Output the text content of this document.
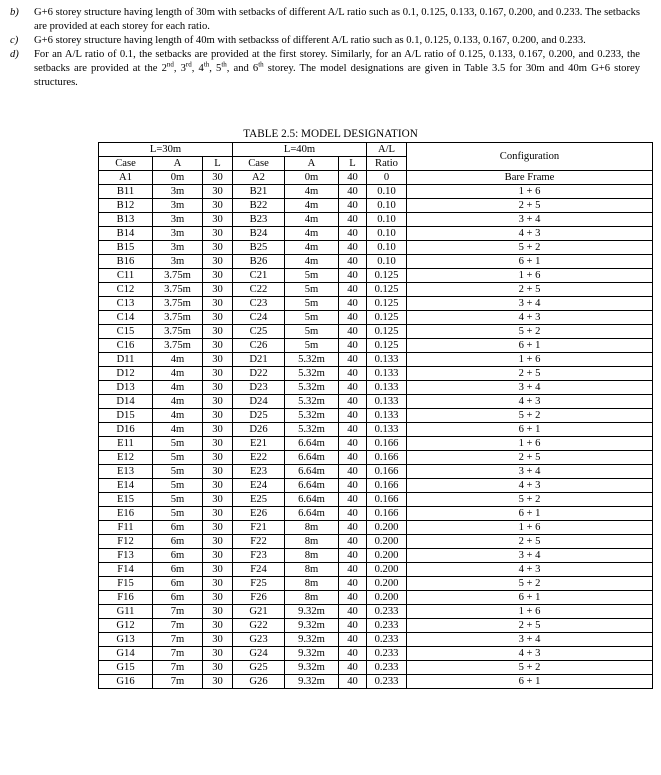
b) G+6 storey structure having length of 30m with setbacks of different A/L ratio such as 0.1, 0.125, 0.133, 0.167, 0.200, and 0.233. The setbacks are provided at each storey for each ratio.

c) G+6 storey structure having length of 40m with setbackss of different A/L ratio such as 0.1, 0.125, 0.133, 0.167, 0.200, and 0.233.

d) For an A/L ratio of 0.1, the setbacks are provided at the first storey. Similarly, for an A/L ratio of 0.125, 0.133, 0.167, 0.200, and 0.233, the setbacks are provided at the 2nd, 3rd, 4th, 5th, and 6th storey. The model designations are given in Table 3.5 for 30m and 40m G+6 storey structures.

TABLE 2.5: MODEL DESIGNATION
L=30m			L=40m			A/L	Configuration
Case	A	L	Case	A	L	Ratio	
A1	0m	30	A2	0m	40	0	Bare Frame
B11	3m	30	B21	4m	40	0.10	1 + 6
B12	3m	30	B22	4m	40	0.10	2 + 5
B13	3m	30	B23	4m	40	0.10	3 + 4
B14	3m	30	B24	4m	40	0.10	4 + 3
B15	3m	30	B25	4m	40	0.10	5 + 2
B16	3m	30	B26	4m	40	0.10	6 + 1
C11	3.75m	30	C21	5m	40	0.125	1 + 6
C12	3.75m	30	C22	5m	40	0.125	2 + 5
C13	3.75m	30	C23	5m	40	0.125	3 + 4
C14	3.75m	30	C24	5m	40	0.125	4 + 3
C15	3.75m	30	C25	5m	40	0.125	5 + 2
C16	3.75m	30	C26	5m	40	0.125	6 + 1
D11	4m	30	D21	5.32m	40	0.133	1 + 6
D12	4m	30	D22	5.32m	40	0.133	2 + 5
D13	4m	30	D23	5.32m	40	0.133	3 + 4
D14	4m	30	D24	5.32m	40	0.133	4 + 3
D15	4m	30	D25	5.32m	40	0.133	5 + 2
D16	4m	30	D26	5.32m	40	0.133	6 + 1
E11	5m	30	E21	6.64m	40	0.166	1 + 6
E12	5m	30	E22	6.64m	40	0.166	2 + 5
E13	5m	30	E23	6.64m	40	0.166	3 + 4
E14	5m	30	E24	6.64m	40	0.166	4 + 3
E15	5m	30	E25	6.64m	40	0.166	5 + 2
E16	5m	30	E26	6.64m	40	0.166	6 + 1
F11	6m	30	F21	8m	40	0.200	1 + 6
F12	6m	30	F22	8m	40	0.200	2 + 5
F13	6m	30	F23	8m	40	0.200	3 + 4
F14	6m	30	F24	8m	40	0.200	4 + 3
F15	6m	30	F25	8m	40	0.200	5 + 2
F16	6m	30	F26	8m	40	0.200	6 + 1
G11	7m	30	G21	9.32m	40	0.233	1 + 6
G12	7m	30	G22	9.32m	40	0.233	2 + 5
G13	7m	30	G23	9.32m	40	0.233	3 + 4
G14	7m	30	G24	9.32m	40	0.233	4 + 3
G15	7m	30	G25	9.32m	40	0.233	5 + 2
G16	7m	30	G26	9.32m	40	0.233	6 + 1
